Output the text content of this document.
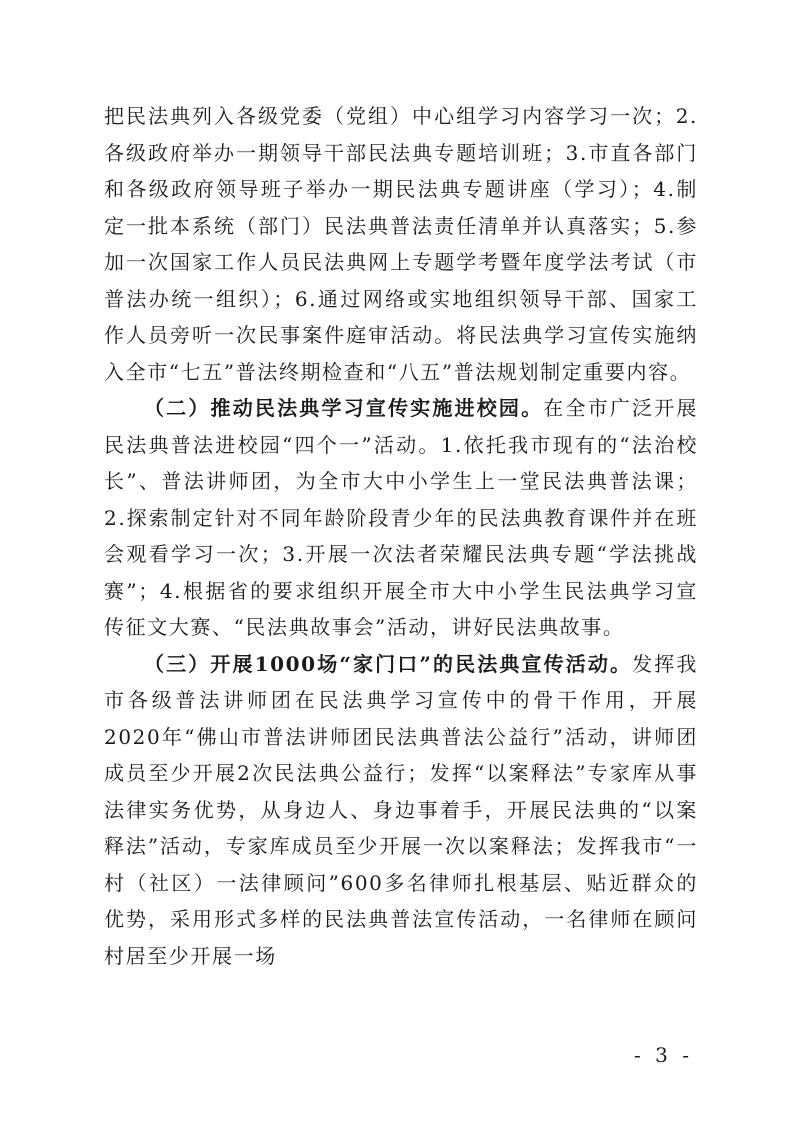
把民法典列入各级党委（党组）中心组学习内容学习一次；2.各级政府举办一期领导干部民法典专题培训班；3.市直各部门和各级政府领导班子举办一期民法典专题讲座（学习）；4.制定一批本系统（部门）民法典普法责任清单并认真落实；5.参加一次国家工作人员民法典网上专题学考暨年度学法考试（市普法办统一组织）；6.通过网络或实地组织领导干部、国家工作人员旁听一次民事案件庭审活动。将民法典学习宣传实施纳入全市“七五”普法终期检查和“八五”普法规划制定重要内容。

（二）推动民法典学习宣传实施进校园。在全市广泛开展民法典普法进校园“四个一”活动。1.依托我市现有的“法治校长”、普法讲师团，为全市大中小学生上一堂民法典普法课；2.探索制定针对不同年龄阶段青少年的民法典教育课件并在班会观看学习一次；3.开展一次法者荣耀民法典专题“学法挑战赛”；4.根据省的要求组织开展全市大中小学生民法典学习宣传征文大赛、“民法典故事会”活动，讲好民法典故事。

（三）开展1000场“家门口”的民法典宣传活动。发挥我市各级普法讲师团在民法典学习宣传中的骨干作用，开展2020年“佛山市普法讲师团民法典普法公益行”活动，讲师团成员至少开展2次民法典公益行；发挥“以案释法”专家库从事法律实务优势，从身边人、身边事着手，开展民法典的“以案释法”活动，专家库成员至少开展一次以案释法；发挥我市“一村（社区）一法律顾问”600多名律师扎根基层、贴近群众的优势，采用形式多样的民法典普法宣传活动，一名律师在顾问村居至少开展一场

- 3 -
